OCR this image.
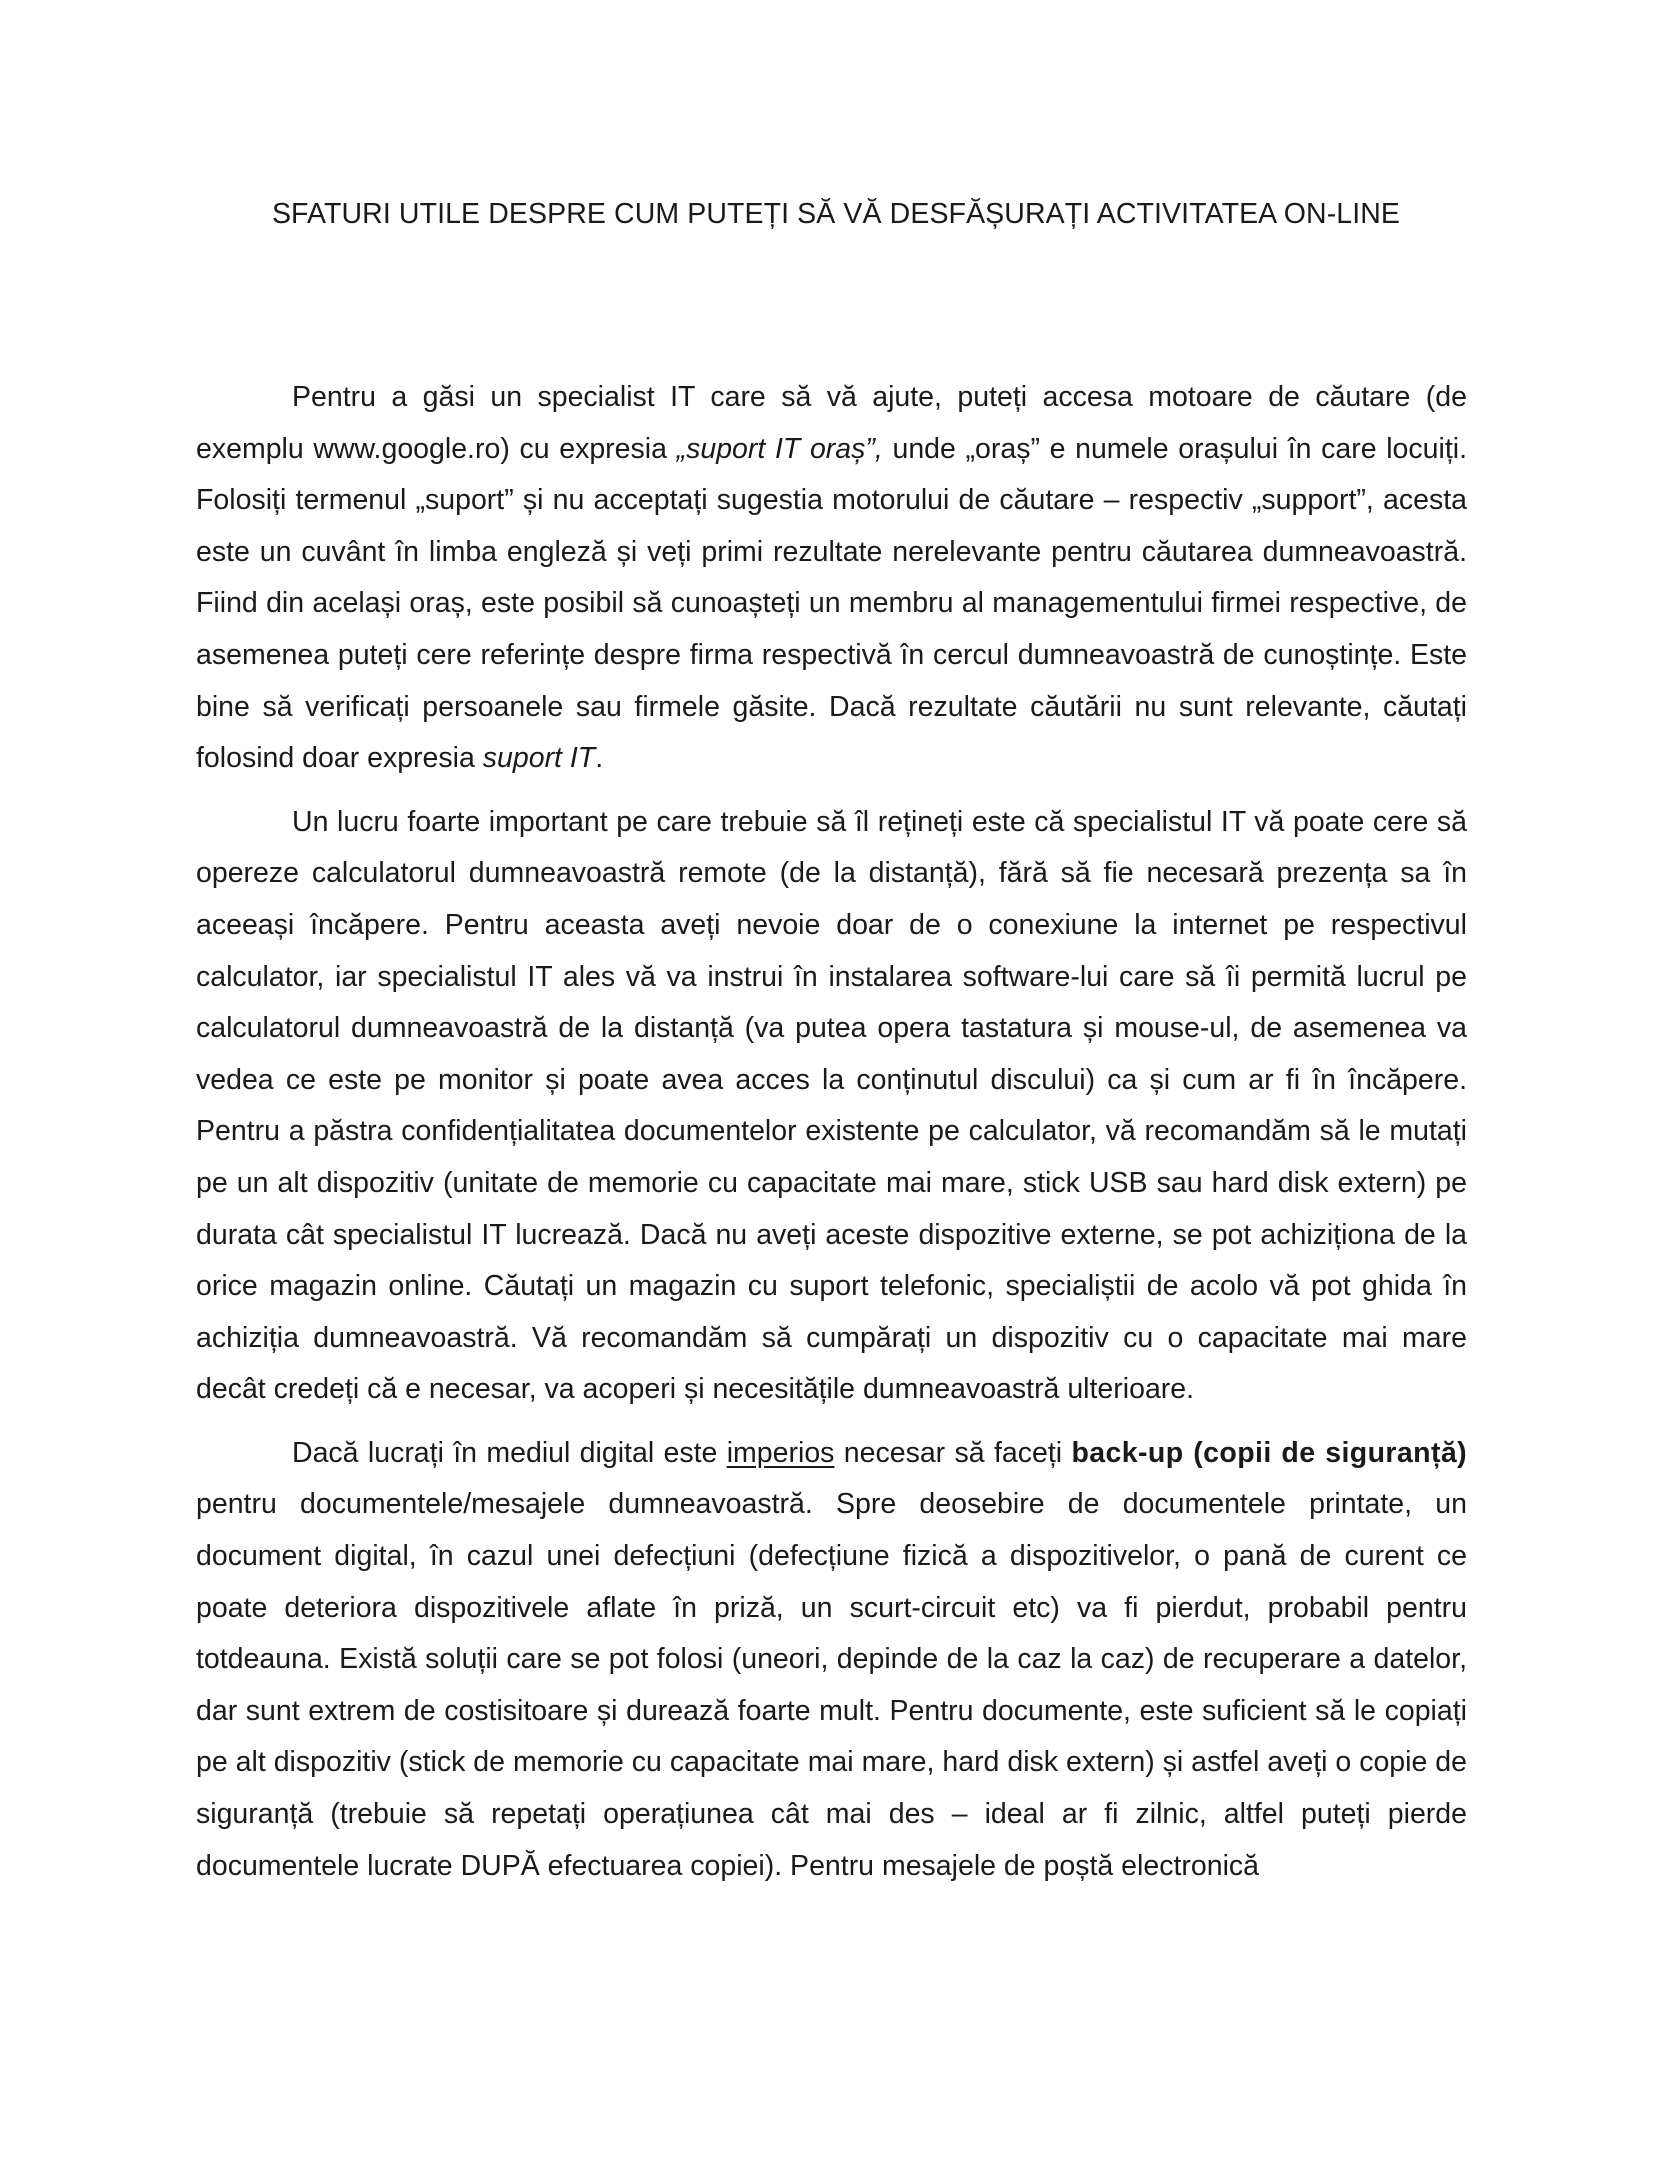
SFATURI UTILE DESPRE CUM PUTEȚI SĂ VĂ DESFĂȘURAȚI ACTIVITATEA ON-LINE

Pentru a găsi un specialist IT care să vă ajute, puteți accesa motoare de căutare (de exemplu www.google.ro) cu expresia „suport IT oraș”, unde „oraș” e numele orașului în care locuiți. Folosiți termenul „suport” și nu acceptați sugestia motorului de căutare – respectiv „support”, acesta este un cuvânt în limba engleză și veți primi rezultate nerelevante pentru căutarea dumneavoastră. Fiind din același oraș, este posibil să cunoașteți un membru al managementului firmei respective, de asemenea puteți cere referințe despre firma respectivă în cercul dumneavoastră de cunoștințe. Este bine să verificați persoanele sau firmele găsite. Dacă rezultate căutării nu sunt relevante, căutați folosind doar expresia suport IT.

Un lucru foarte important pe care trebuie să îl rețineți este că specialistul IT vă poate cere să opereze calculatorul dumneavoastră remote (de la distanță), fără să fie necesară prezența sa în aceeași încăpere. Pentru aceasta aveți nevoie doar de o conexiune la internet pe respectivul calculator, iar specialistul IT ales vă va instrui în instalarea software-lui care să îi permită lucrul pe calculatorul dumneavoastră de la distanță (va putea opera tastatura și mouse-ul, de asemenea va vedea ce este pe monitor și poate avea acces la conținutul discului) ca și cum ar fi în încăpere. Pentru a păstra confidențialitatea documentelor existente pe calculator, vă recomandăm să le mutați pe un alt dispozitiv (unitate de memorie cu capacitate mai mare, stick USB sau hard disk extern) pe durata cât specialistul IT lucrează. Dacă nu aveți aceste dispozitive externe, se pot achiziționa de la orice magazin online. Căutați un magazin cu suport telefonic, specialiștii de acolo vă pot ghida în achiziția dumneavoastră. Vă recomandăm să cumpărați un dispozitiv cu o capacitate mai mare decât credeți că e necesar, va acoperi și necesitățile dumneavoastră ulterioare.

Dacă lucrați în mediul digital este imperios necesar să faceți back-up (copii de siguranță) pentru documentele/mesajele dumneavoastră. Spre deosebire de documentele printate, un document digital, în cazul unei defecțiuni (defecțiune fizică a dispozitivelor, o pană de curent ce poate deteriora dispozitivele aflate în priză, un scurt-circuit etc) va fi pierdut, probabil pentru totdeauna. Există soluții care se pot folosi (uneori, depinde de la caz la caz) de recuperare a datelor, dar sunt extrem de costisitoare și durează foarte mult. Pentru documente, este suficient să le copiați pe alt dispozitiv (stick de memorie cu capacitate mai mare, hard disk extern) și astfel aveți o copie de siguranță (trebuie să repetați operațiunea cât mai des – ideal ar fi zilnic, altfel puteți pierde documentele lucrate DUPĂ efectuarea copiei). Pentru mesajele de poștă electronică
